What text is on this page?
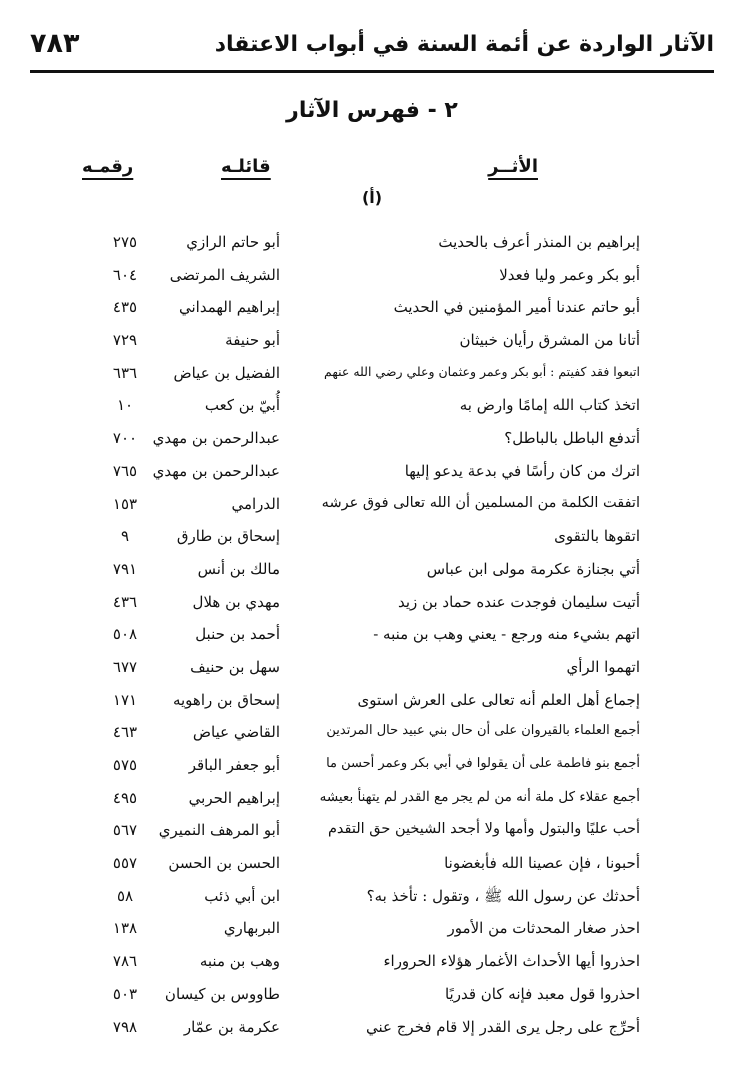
الآثار الواردة عن أئمة السنة في أبواب الاعتقاد
٧٨٣
٢ - فهرس الآثار
الأثــر
قائلـه
رقمـه
(أ)
إبراهيم بن المنذر أعرف بالحديث
أبو حاتم الرازي
٢٧٥
أبو بكر وعمر وليا فعدلا
الشريف المرتضى
٦٠٤
أبو حاتم عندنا أمير المؤمنين في الحديث
إبراهيم الهمداني
٤٣٥
أتانا من المشرق رأيان خبيثان
أبو حنيفة
٧٢٩
اتبعوا فقد كفيتم : أبو بكر وعمر وعثمان وعلي رضي الله عنهم
الفضيل بن عياض
٦٣٦
اتخذ كتاب الله إمامًا وارض به
أُبيّ بن كعب
١٠
أتدفع الباطل بالباطل؟
عبدالرحمن بن مهدي
٧٠٠
اترك من كان رأسًا في بدعة يدعو إليها
عبدالرحمن بن مهدي
٧٦٥
اتفقت الكلمة من المسلمين أن الله تعالى فوق عرشه
الدرامي
١٥٣
اتقوها بالتقوى
إسحاق بن طارق
٩
أتي بجنازة عكرمة مولى ابن عباس
مالك بن أنس
٧٩١
أتيت سليمان فوجدت عنده حماد بن زيد
مهدي بن هلال
٤٣٦
اتهم بشيء منه ورجع - يعني وهب بن منبه -
أحمد بن حنبل
٥٠٨
اتهموا الرأي
سهل بن حنيف
٦٧٧
إجماع أهل العلم أنه تعالى على العرش استوى
إسحاق بن راهويه
١٧١
أجمع العلماء بالقيروان على أن حال بني عبيد حال المرتدين
القاضي عياض
٤٦٣
أجمع بنو فاطمة على أن يقولوا في أبي بكر وعمر أحسن ما
أبو جعفر الباقر
٥٧٥
أجمع عقلاء كل ملة أنه من لم يجر مع القدر لم يتهنأ بعيشه
إبراهيم الحربي
٤٩٥
أحب عليًا والبتول وأمها ولا أجحد الشيخين حق التقدم
أبو المرهف النميري
٥٦٧
أحبونا ، فإن عصينا الله فأبغضونا
الحسن بن الحسن
٥٥٧
أحدثك عن رسول الله ﷺ ، وتقول : تأخذ به؟
ابن أبي ذئب
٥٨
احذر صغار المحدثات من الأمور
البربهاري
١٣٨
احذروا أيها الأحداث الأغمار هؤلاء الحروراء
وهب بن منبه
٧٨٦
احذروا قول معبد فإنه كان قدريًا
طاووس بن كيسان
٥٠٣
أحرِّج على رجل يرى القدر إلا قام فخرج عني
عكرمة بن عمّار
٧٩٨
